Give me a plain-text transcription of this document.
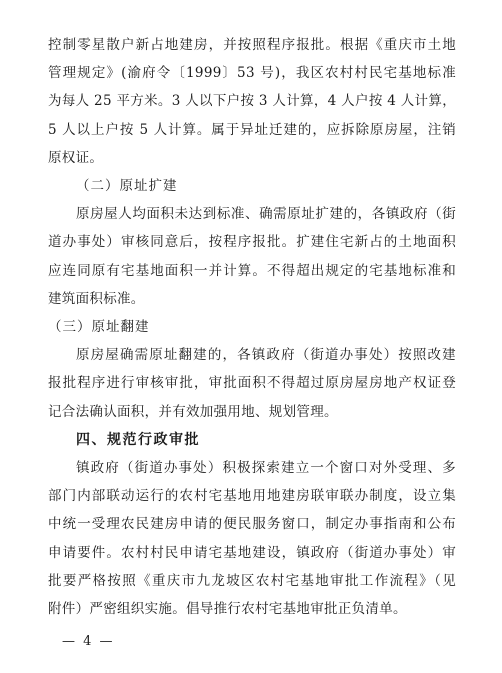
控制零星散户新占地建房，并按照程序报批。根据《重庆市土地
管理规定》(渝府令〔1999〕53 号)，我区农村村民宅基地标准
为每人 25 平方米。3 人以下户按 3 人计算，4 人户按 4 人计算，
5 人以上户按 5 人计算。属于异址迁建的，应拆除原房屋，注销
原权证。
（二）原址扩建
原房屋人均面积未达到标准、确需原址扩建的，各镇政府（街
道办事处）审核同意后，按程序报批。扩建住宅新占的土地面积
应连同原有宅基地面积一并计算。不得超出规定的宅基地标准和
建筑面积标准。
（三）原址翻建
原房屋确需原址翻建的，各镇政府（街道办事处）按照改建
报批程序进行审核审批，审批面积不得超过原房屋房地产权证登
记合法确认面积，并有效加强用地、规划管理。
四、规范行政审批
镇政府（街道办事处）积极探索建立一个窗口对外受理、多
部门内部联动运行的农村宅基地用地建房联审联办制度，设立集
中统一受理农民建房申请的便民服务窗口，制定办事指南和公布
申请要件。农村村民申请宅基地建设，镇政府（街道办事处）审
批要严格按照《重庆市九龙坡区农村宅基地审批工作流程》（见
附件）严密组织实施。倡导推行农村宅基地审批正负清单。
— 4 —
